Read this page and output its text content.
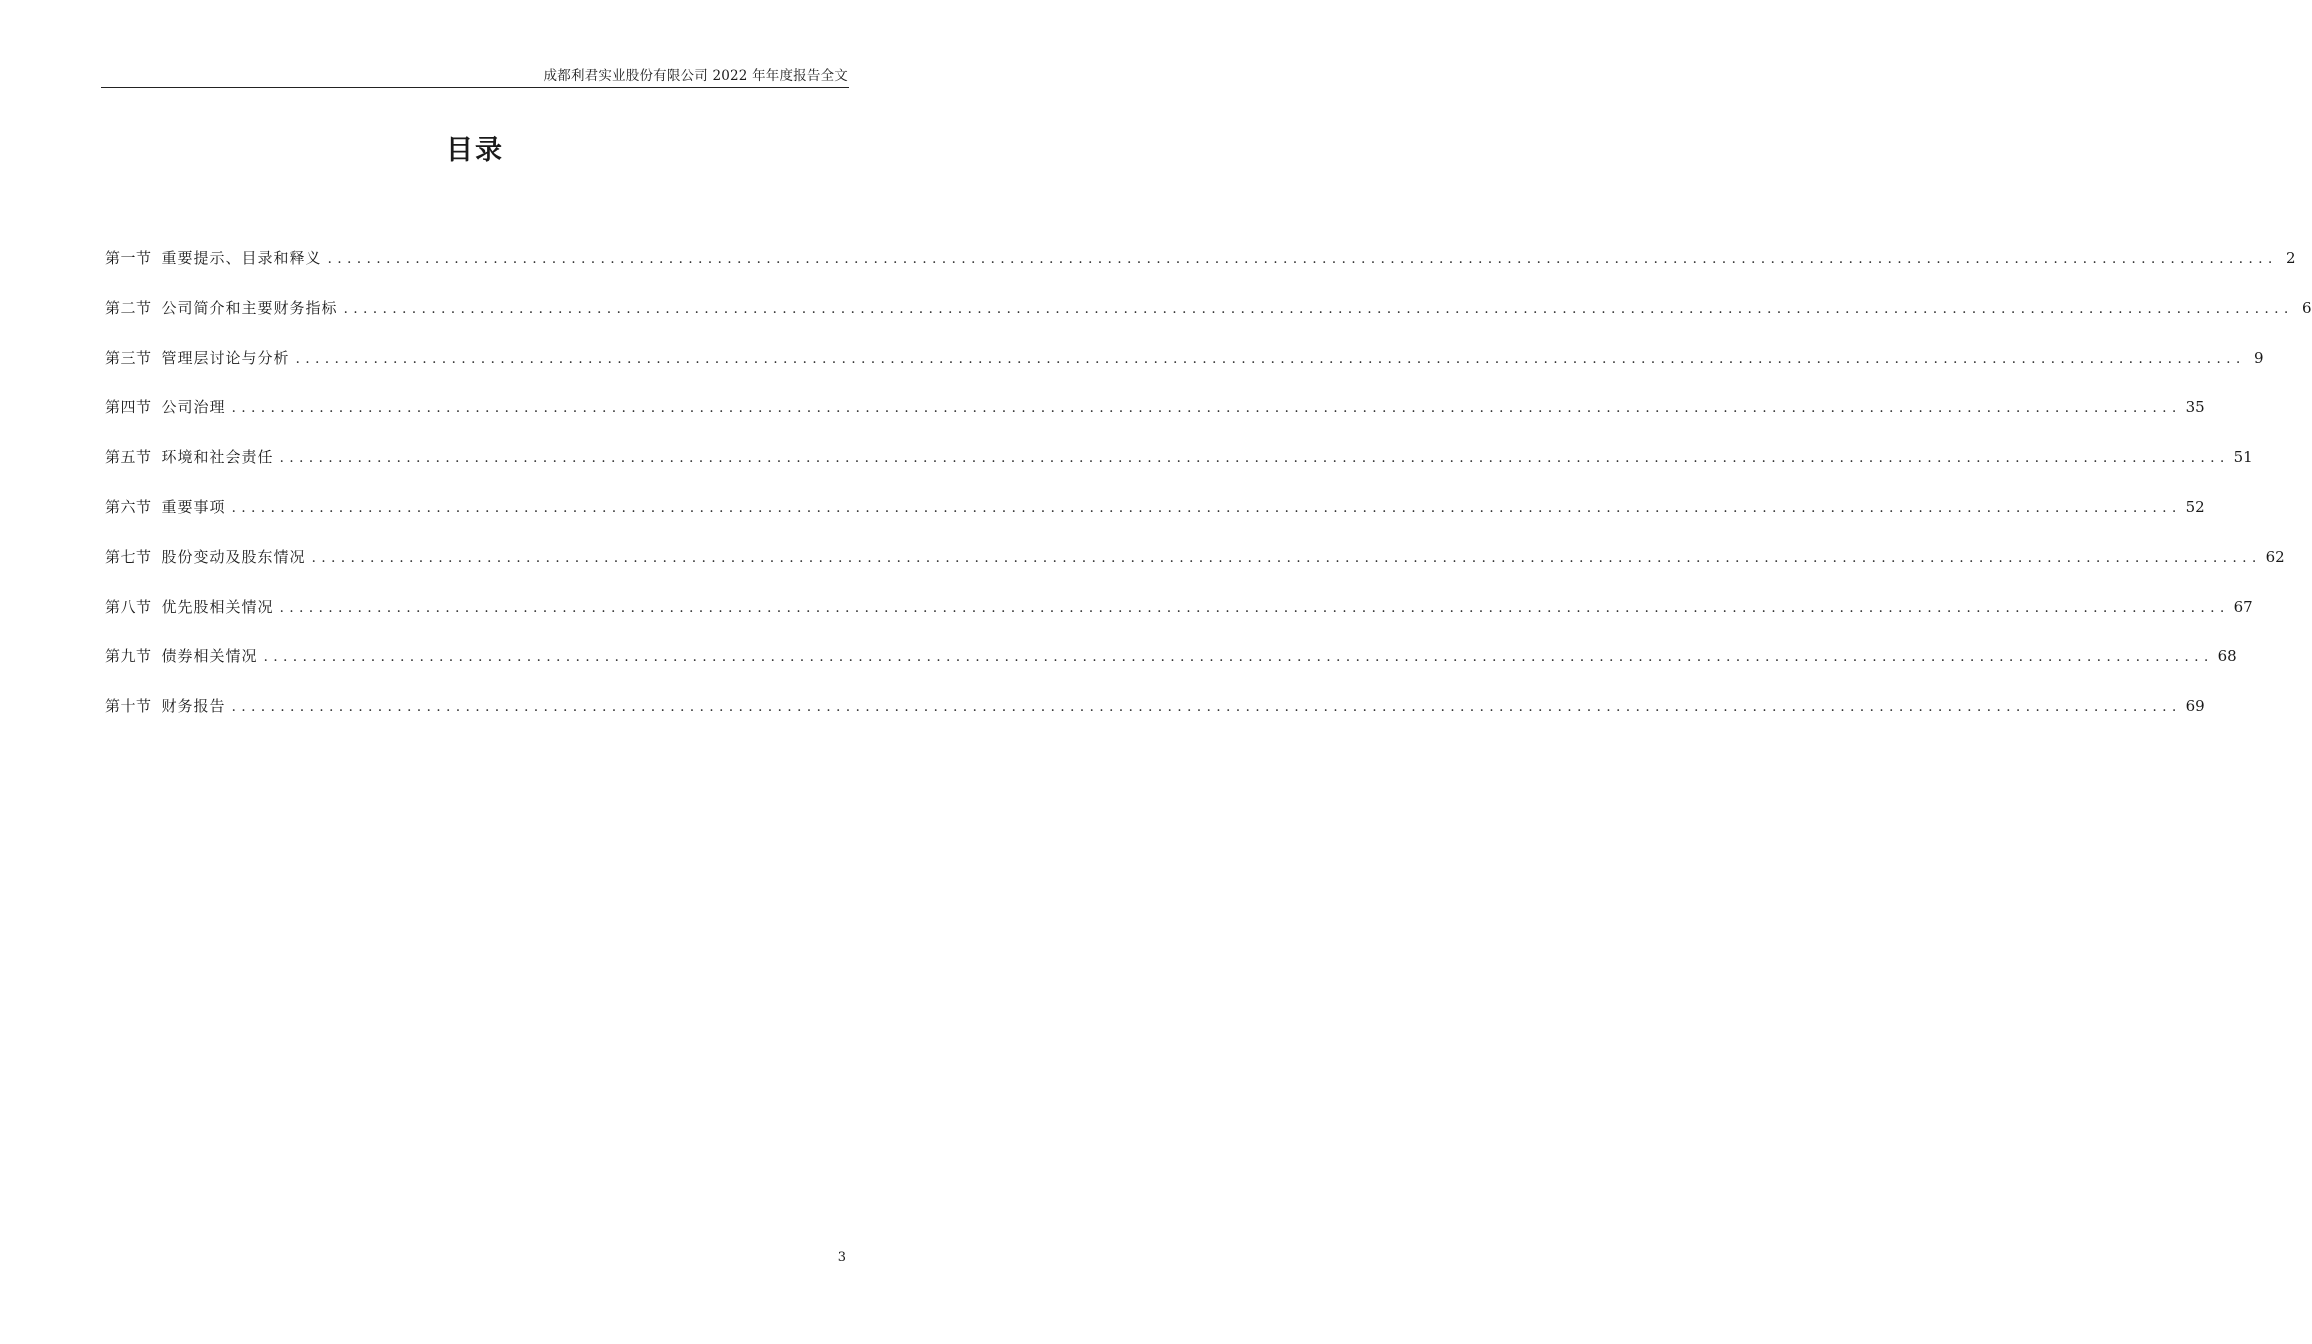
成都利君实业股份有限公司 2022 年年度报告全文
目录
第一节 重要提示、目录和释义 ........................................................................................................................................................................................................ 2
第二节 公司简介和主要财务指标 ........................................................................................................................................................................................................ 6
第三节 管理层讨论与分析 ........................................................................................................................................................................................................ 9
第四节 公司治理 ........................................................................................................................................................................................................ 35
第五节 环境和社会责任 ........................................................................................................................................................................................................ 51
第六节 重要事项 ........................................................................................................................................................................................................ 52
第七节 股份变动及股东情况 ........................................................................................................................................................................................................ 62
第八节 优先股相关情况 ........................................................................................................................................................................................................ 67
第九节 债券相关情况 ........................................................................................................................................................................................................ 68
第十节 财务报告 ........................................................................................................................................................................................................ 69
3
